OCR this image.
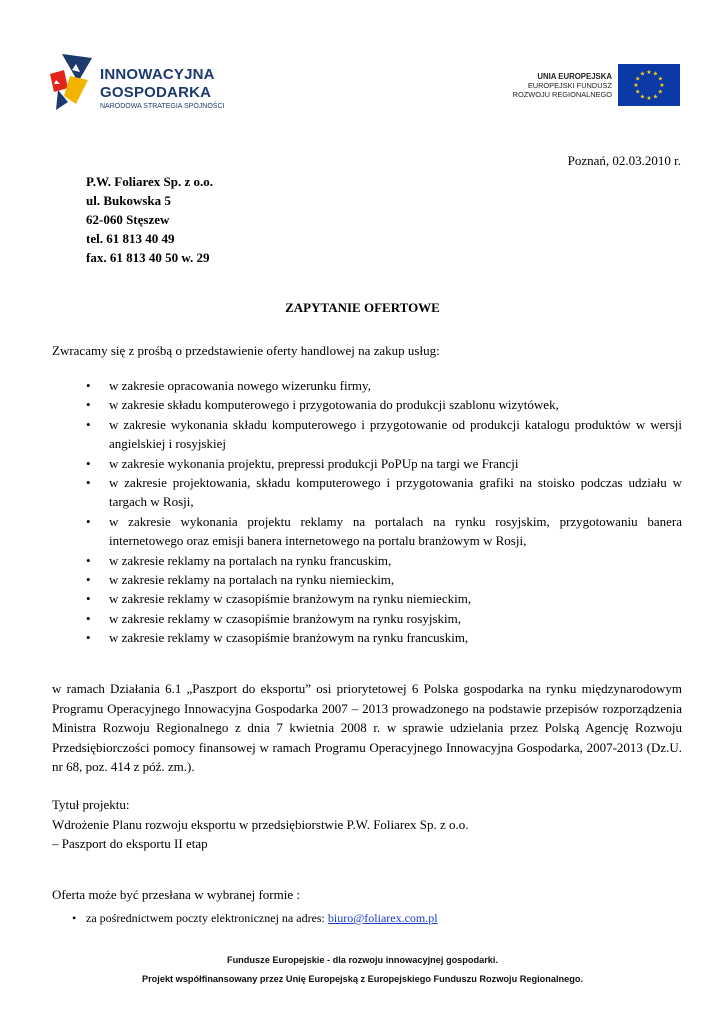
INNOWACYJNA
GOSPODARKA
NARODOWA STRATEGIA SPÓJNOŚCI
UNIA EUROPEJSKA
EUROPEJSKI FUNDUSZ
ROZWOJU REGIONALNEGO
★ ★
★
★
★
★
★
★
★
★
★
★
Poznań, 02.03.2010 r.
P.W. Foliarex Sp. z o.o.
ul. Bukowska 5
62-060 Stęszew
tel. 61 813 40 49
fax. 61 813 40 50 w. 29
ZAPYTANIE OFERTOWE
Zwracamy się z prośbą o przedstawienie oferty handlowej na zakup usług:
• w zakresie opracowania nowego wizerunku firmy,
• w zakresie składu komputerowego i przygotowania do produkcji szablonu wizytówek,
• w zakresie wykonania składu komputerowego i przygotowanie od produkcji katalogu produktów w wersji angielskiej i rosyjskiej
• w zakresie wykonania projektu, prepressi produkcji PoPUp na targi we Francji
• w zakresie projektowania, składu komputerowego i przygotowania grafiki na stoisko podczas udziału w targach w Rosji,
• w zakresie wykonania projektu reklamy na portalach na rynku rosyjskim, przygotowaniu banera internetowego oraz emisji banera internetowego na portalu branżowym w Rosji,
• w zakresie reklamy na portalach na rynku francuskim,
• w zakresie reklamy na portalach na rynku niemieckim,
• w zakresie reklamy w czasopiśmie branżowym na rynku niemieckim,
• w zakresie reklamy w czasopiśmie branżowym na rynku rosyjskim,
• w zakresie reklamy w czasopiśmie branżowym na rynku francuskim,
w ramach Działania 6.1 „Paszport do eksportu” osi priorytetowej 6 Polska gospodarka na rynku międzynarodowym Programu Operacyjnego Innowacyjna Gospodarka 2007 – 2013 prowadzonego na podstawie przepisów rozporządzenia Ministra Rozwoju Regionalnego z dnia 7 kwietnia 2008 r. w sprawie udzielania przez Polską Agencję Rozwoju Przedsiębiorczości pomocy finansowej w ramach Programu Operacyjnego Innowacyjna Gospodarka, 2007-2013 (Dz.U. nr 68, poz. 414 z póź. zm.).
Tytuł projektu:
Wdrożenie Planu rozwoju eksportu w przedsiębiorstwie P.W. Foliarex Sp. z o.o.
– Paszport do eksportu II etap
Oferta może być przesłana w wybranej formie :
• za pośrednictwem poczty elektronicznej na adres: biuro@foliarex.com.pl
Fundusze Europejskie - dla rozwoju innowacyjnej gospodarki.
Projekt współfinansowany przez Unię Europejską z Europejskiego Funduszu Rozwoju Regionalnego.
